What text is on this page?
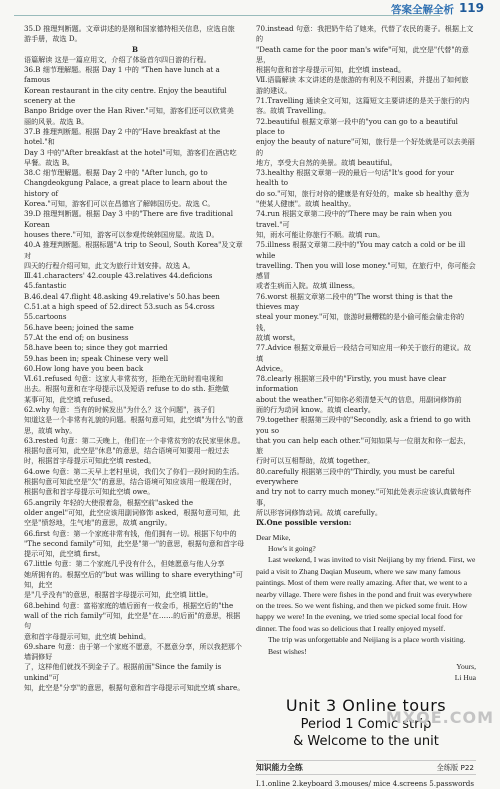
答案全解全析 119

35.D 推理判断题。文章讲述的是刚和国家德特相关信息，应选自旅

游手册，故选 D。

B

语篇解读 这是一篇应用文，介绍了体验首尔四日游的行程。

36.B 细节理解题。根据 Day 1 中的 "Then have lunch at a famous

Korean restaurant in the city centre. Enjoy the beautiful scenery at the

Banpo Bridge over the Han River."可知，游客们还可以欣赏美

丽的风景。故选 B。

37.B 推理判断题。根据 Day 2 中的"Have breakfast at the hotel."和

Day 3 中的"After breakfast at the hotel"可知，游客们在酒店吃

早餐。故选 B。

38.C 细节理解题。根据 Day 2 中的 "After lunch, go to

Changdeokgung Palace, a great place to learn about the history of

Korea."可知，游客们可以在昌德宫了解韩国历史。故选 C。

39.D 推理判断题。根据 Day 3 中的"There are five traditional Korean

houses there."可知，游客可以参观传统韩国房屋。故选 D。

40.A 推理判断题。根据标题"A trip to Seoul, South Korea"及文章对

四天的行程介绍可知，此文为旅行计划安排。故选 A。

Ⅲ.41.characters' 42.couple 43.relatives 44.deficions 45.fantastic

B.46.deal 47.flight 48.asking 49.relative's 50.has been

C.51.at a high speed of 52.direct 53.such as 54.cross 55.cartoons

56.have been; joined the same

57.At the end of; on business

58.have been to; since they got married

59.has been in; speak Chinese very well

60.How long have you been back

Ⅵ.61.refused 句意：这家人非常贫穷，拒绝在无助时看电视和

出去。根据句意和在字母提示以及短语 refuse to do sth. 拒绝做

某事可知，此空填 refused。

62.why 句意：当有的时候发出"为什么？这个问题"，孩子们

知道这是一个非常有礼貌的问题。根据句意可知，此空填"为什么"的意思，故填 why。

63.rested 句意：第二天晚上，他们在一个非常贫穷的农民家里休息。

根据句意可知，此空是"休息"的意思，结合语境可知要用一般过去

时，根据首字母提示可知此空填 rested。

64.owe 句意：第二天早上老村里说，我们欠了你们一段时间的生活。

根据句意可知此空是"欠"的意思，结合语境可知应该用一般现在时，

根据句意和首字母提示可知此空填 owe。

65.angrily 年轻的大使很着急，根据空前"asked the

older angel"可知，此空应该用副词修饰 asked，根据句意可知，此

空是"愤怒地，生气地"的意思，故填 angrily。

66.first 句意：第一个家庭非常有钱，他们拥有一切。根据下句中的

"The second family"可知，此空是"第一"的意思，根据句意和首字母

提示可知，此空填 first。

67.little 句意：第二个家庭几乎没有什么，但她愿意与他人分享

她所拥有的。根据空后的"but was willing to share everything"可知，此空

是"几乎没有"的意思，根据首字母提示可知，此空填 little。

68.behind 句意：富裕家庭的墙后面有一枚金币，根据空后的"the

wall of the rich family"可知，此空是"在……的后面"的意思，根据句

意和首字母提示可知，此空填 behind。

69.share 句意：由于第一个家庭不愿意，不愿意分享，所以我把那个墙洞修好

了，这样他们就找不到金子了。根据前面"Since the family is unkind"可

知，此空是"分享"的意思，根据句意和首字母提示可知此空填 share。

70.instead 句意：我把奶牛给了她来，代替了农民的妻子。根据上文的

"Death came for the poor man's wife"可知，此空是"代替"的意思，

根据句意和首字母提示可知，此空填 instead。

Ⅶ.语篇解读 本文讲述的是旅游的有利及不利因素，并提出了如何旅

游的建议。

71.Travelling 通读全文可知，这篇短文主要讲述的是关于旅行的内

容。故填 Travelling。

72.beautiful 根据文章第一段中的"you can go to a beautiful place to

enjoy the beauty of nature"可知，旅行是一个好处就是可以去美丽的

地方，享受大自然的美景。故填 beautiful。

73.healthy 根据文章第一段的最后一句话"It's good for your health to

do so."可知，旅行对你的健康是有好处的，make sb healthy 意为

"使某人健康"。故填 healthy。

74.run 根据文章第二段中的"There may be rain when you travel."可

知，雨水可能让你旅行不顺。故填 run。

75.illness 根据文章第二段中的"You may catch a cold or be ill while

travelling. Then you will lose money."可知，在旅行中，你可能会感冒

或者生病而入院。故填 illness。

76.worst 根据文章第二段中的"The worst thing is that the thieves may

steal your money."可知，旅游时最糟糕的是小偷可能会偷走你的钱，

故填 worst。

77.Advice 根据文章最后一段结合可知应用一种关于旅行的建议。故填

Advice。

78.clearly 根据第三段中的"Firstly, you must have clear information

about the weather."可知你必须清楚天气的信息，用副词修饰前

面的行为动词 know。故填 clearly。

79.together 根据第三段中的"Secondly, ask a friend to go with you so

that you can help each other."可知如果与一位朋友和你一起去，旅

行时可以互相帮助，故填 together。

80.carefully 根据第三段中的"Thirdly, you must be careful everywhere

and try not to carry much money."可知此处表示应该认真做每件事，

所以形容词修饰动词。故填 carefully。

Ⅸ.One possible version:

Dear Mike,

How's it going?

Last weekend, I was invited to visit Neijiang by my friend. First, we paid a visit to Zhang Daqian Museum, where we saw many famous paintings. Most of them were really amazing. After that, we went to a nearby village. There were fishes in the pond and fruit was everywhere on the trees. So we went fishing, and then we picked some fruit. How happy we were! In the evening, we tried some special local food for dinner. The food was so delicious that I really enjoyed myself.

The trip was unforgettable and Neijiang is a place worth visiting.

Best wishes!

Yours,

Li Hua

Unit 3 Online tours
Period 1 Comic strip
& Welcome to the unit
知识能力全练	全练版 P22

Ⅰ.1.online 2.keyboard 3.mouses/ mice 4.screens 5.passwords

MXQE.COM
